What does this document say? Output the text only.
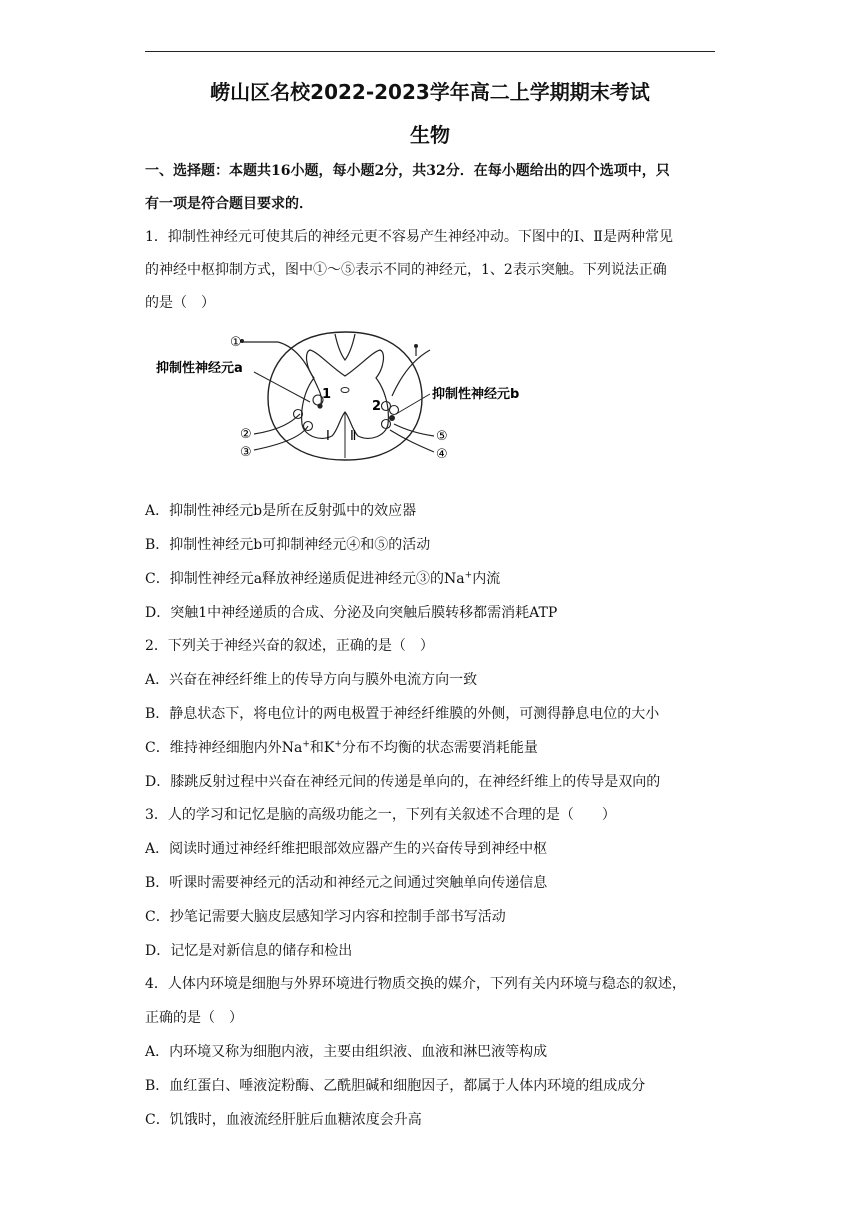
崂山区名校2022-2023学年高二上学期期末考试
生物
一、选择题：本题共16小题，每小题2分，共32分．在每小题给出的四个选项中，只
有一项是符合题目要求的．
1．抑制性神经元可使其后的神经元更不容易产生神经冲动。下图中的Ⅰ、Ⅱ是两种常见
的神经中枢抑制方式，图中①～⑤表示不同的神经元，1、2表示突触。下列说法正确
的是（　）
①
抑制性神经元a
抑制性神经元b
1
2
②
③
⑤
④
Ⅰ Ⅱ
A．抑制性神经元b是所在反射弧中的效应器
B．抑制性神经元b可抑制神经元④和⑤的活动
C．抑制性神经元a释放神经递质促进神经元③的Na+内流
D．突触1中神经递质的合成、分泌及向突触后膜转移都需消耗ATP
2．下列关于神经兴奋的叙述，正确的是（　）
A．兴奋在神经纤维上的传导方向与膜外电流方向一致
B．静息状态下，将电位计的两电极置于神经纤维膜的外侧，可测得静息电位的大小
C．维持神经细胞内外Na+和K+分布不均衡的状态需要消耗能量
D．膝跳反射过程中兴奋在神经元间的传递是单向的，在神经纤维上的传导是双向的
3．人的学习和记忆是脑的高级功能之一，下列有关叙述不合理的是（　　）
A．阅读时通过神经纤维把眼部效应器产生的兴奋传导到神经中枢
B．听课时需要神经元的活动和神经元之间通过突触单向传递信息
C．抄笔记需要大脑皮层感知学习内容和控制手部书写活动
D．记忆是对新信息的储存和检出
4．人体内环境是细胞与外界环境进行物质交换的媒介，下列有关内环境与稳态的叙述，
正确的是（　）
A．内环境又称为细胞内液，主要由组织液、血液和淋巴液等构成
B．血红蛋白、唾液淀粉酶、乙酰胆碱和细胞因子，都属于人体内环境的组成成分
C．饥饿时，血液流经肝脏后血糖浓度会升高
